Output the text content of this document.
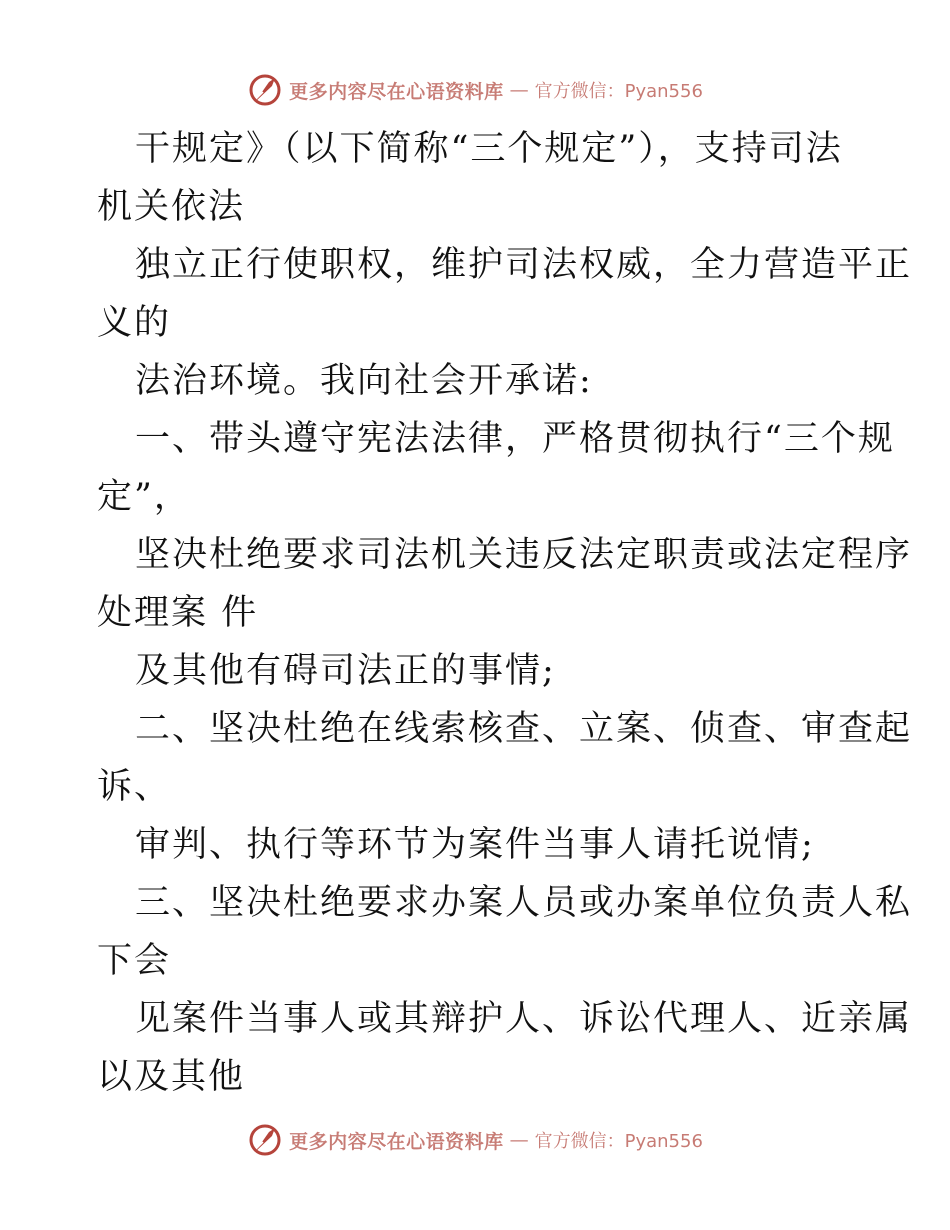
更多内容尽在心语资料库 — 官方微信：Pyan556
干规定》（以下简称“三个规定”），支持司法
机关依法
独立正行使职权，维护司法权威，全力营造平正
义的
法治环境。我向社会开承诺:
一、带头遵守宪法法律，严格贯彻执行“三个规
定”，
坚决杜绝要求司法机关违反法定职责或法定程序
处理案 件
及其他有碍司法正的事情;
二、坚决杜绝在线索核查、立案、侦查、审查起
诉、
审判、执行等环节为案件当事人请托说情;
三、坚决杜绝要求办案人员或办案单位负责人私
下会
见案件当事人或其辩护人、诉讼代理人、近亲属
以及其他
更多内容尽在心语资料库 — 官方微信：Pyan556
